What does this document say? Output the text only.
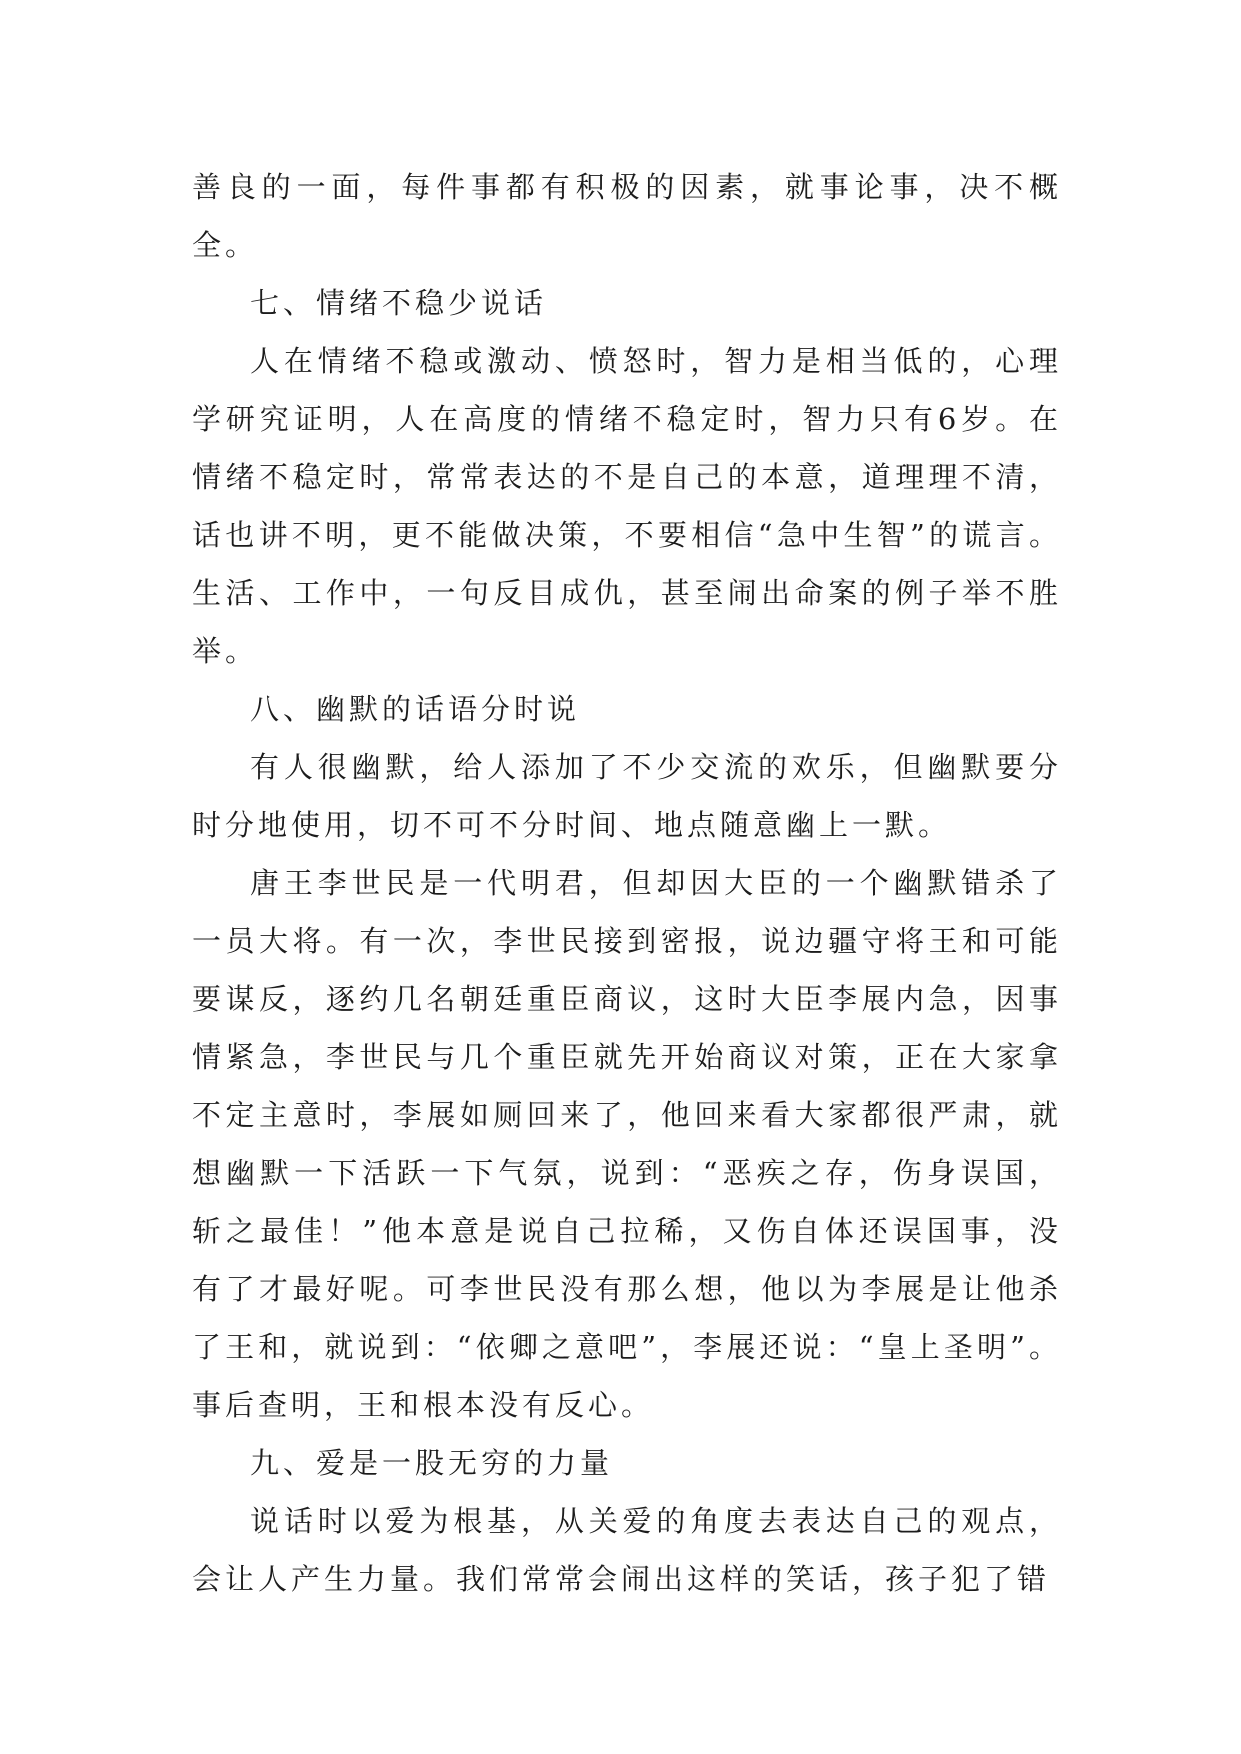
善良的一面，每件事都有积极的因素，就事论事，决不概全。

七、情绪不稳少说话

人在情绪不稳或激动、愤怒时，智力是相当低的，心理学研究证明，人在高度的情绪不稳定时，智力只有6岁。在情绪不稳定时，常常表达的不是自己的本意，道理理不清，话也讲不明，更不能做决策，不要相信“急中生智”的谎言。生活、工作中，一句反目成仇，甚至闹出命案的例子举不胜举。

八、幽默的话语分时说

有人很幽默，给人添加了不少交流的欢乐，但幽默要分时分地使用，切不可不分时间、地点随意幽上一默。

唐王李世民是一代明君，但却因大臣的一个幽默错杀了一员大将。有一次，李世民接到密报，说边疆守将王和可能要谋反，逐约几名朝廷重臣商议，这时大臣李展内急，因事情紧急，李世民与几个重臣就先开始商议对策，正在大家拿不定主意时，李展如厕回来了，他回来看大家都很严肃，就想幽默一下活跃一下气氛，说到：“恶疾之存，伤身误国，斩之最佳！”他本意是说自己拉稀，又伤自体还误国事，没有了才最好呢。可李世民没有那么想，他以为李展是让他杀了王和，就说到：“依卿之意吧”，李展还说：“皇上圣明”。事后查明，王和根本没有反心。

九、爱是一股无穷的力量

说话时以爱为根基，从关爱的角度去表达自己的观点，会让人产生力量。我们常常会闹出这样的笑话，孩子犯了错
